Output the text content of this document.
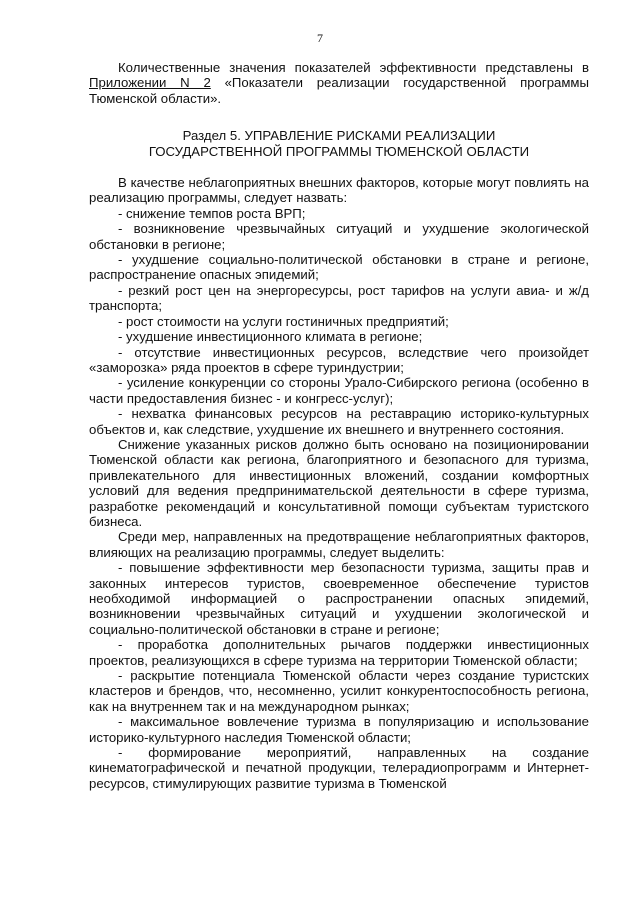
7

Количественные значения показателей эффективности представлены в Приложении N 2 «Показатели реализации государственной программы Тюменской области».

Раздел 5. УПРАВЛЕНИЕ РИСКАМИ РЕАЛИЗАЦИИ
ГОСУДАРСТВЕННОЙ ПРОГРАММЫ ТЮМЕНСКОЙ ОБЛАСТИ

В качестве неблагоприятных внешних факторов, которые могут повлиять на реализацию программы, следует назвать:

- снижение темпов роста ВРП;

- возникновение чрезвычайных ситуаций и ухудшение экологической обстановки в регионе;

- ухудшение социально-политической обстановки в стране и регионе, распространение опасных эпидемий;

- резкий рост цен на энергоресурсы, рост тарифов на услуги авиа- и ж/д транспорта;

- рост стоимости на услуги гостиничных предприятий;

- ухудшение инвестиционного климата в регионе;

- отсутствие инвестиционных ресурсов, вследствие чего произойдет «заморозка» ряда проектов в сфере туриндустрии;

- усиление конкуренции со стороны Урало-Сибирского региона (особенно в части предоставления бизнес - и конгресс-услуг);

- нехватка финансовых ресурсов на реставрацию историко-культурных объектов и, как следствие, ухудшение их внешнего и внутреннего состояния.

Снижение указанных рисков должно быть основано на позиционировании Тюменской области как региона, благоприятного и безопасного для туризма, привлекательного для инвестиционных вложений, создании комфортных условий для ведения предпринимательской деятельности в сфере туризма, разработке рекомендаций и консультативной помощи субъектам туристского бизнеса.

Среди мер, направленных на предотвращение неблагоприятных факторов, влияющих на реализацию программы, следует выделить:

- повышение эффективности мер безопасности туризма, защиты прав и законных интересов туристов, своевременное обеспечение туристов необходимой информацией о распространении опасных эпидемий, возникновении чрезвычайных ситуаций и ухудшении экологической и социально-политической обстановки в стране и регионе;

- проработка дополнительных рычагов поддержки инвестиционных проектов, реализующихся в сфере туризма на территории Тюменской области;

- раскрытие потенциала Тюменской области через создание туристских кластеров и брендов, что, несомненно, усилит конкурентоспособность региона, как на внутреннем так и на международном рынках;

- максимальное вовлечение туризма в популяризацию и использование историко-культурного наследия Тюменской области;

- формирование мероприятий, направленных на создание кинематографической и печатной продукции, телерадиопрограмм и Интернет-ресурсов, стимулирующих развитие туризма в Тюменской
